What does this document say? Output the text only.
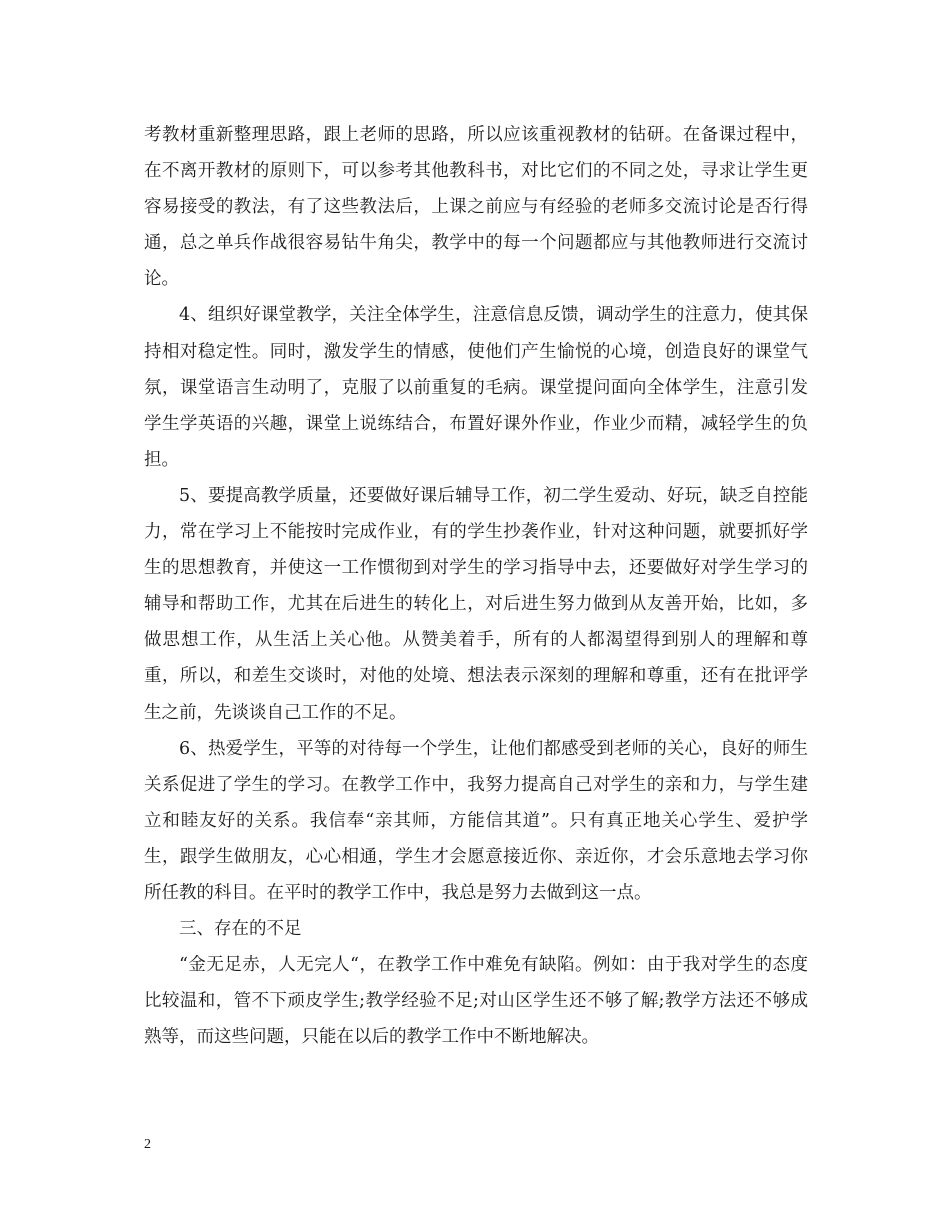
考教材重新整理思路，跟上老师的思路，所以应该重视教材的钻研。在备课过程中，在不离开教材的原则下，可以参考其他教科书，对比它们的不同之处，寻求让学生更容易接受的教法，有了这些教法后，上课之前应与有经验的老师多交流讨论是否行得通，总之单兵作战很容易钻牛角尖，教学中的每一个问题都应与其他教师进行交流讨论。

4、组织好课堂教学，关注全体学生，注意信息反馈，调动学生的注意力，使其保持相对稳定性。同时，激发学生的情感，使他们产生愉悦的心境，创造良好的课堂气氛，课堂语言生动明了，克服了以前重复的毛病。课堂提问面向全体学生，注意引发学生学英语的兴趣，课堂上说练结合，布置好课外作业，作业少而精，减轻学生的负担。

5、要提高教学质量，还要做好课后辅导工作，初二学生爱动、好玩，缺乏自控能力，常在学习上不能按时完成作业，有的学生抄袭作业，针对这种问题，就要抓好学生的思想教育，并使这一工作惯彻到对学生的学习指导中去，还要做好对学生学习的辅导和帮助工作，尤其在后进生的转化上，对后进生努力做到从友善开始，比如，多做思想工作，从生活上关心他。从赞美着手，所有的人都渴望得到别人的理解和尊重，所以，和差生交谈时，对他的处境、想法表示深刻的理解和尊重，还有在批评学生之前，先谈谈自己工作的不足。

6、热爱学生，平等的对待每一个学生，让他们都感受到老师的关心，良好的师生关系促进了学生的学习。在教学工作中，我努力提高自己对学生的亲和力，与学生建立和睦友好的关系。我信奉“亲其师，方能信其道”。只有真正地关心学生、爱护学生，跟学生做朋友，心心相通，学生才会愿意接近你、亲近你，才会乐意地去学习你所任教的科目。在平时的教学工作中，我总是努力去做到这一点。

三、存在的不足

“金无足赤，人无完人“，在教学工作中难免有缺陷。例如：由于我对学生的态度比较温和，管不下顽皮学生;教学经验不足;对山区学生还不够了解;教学方法还不够成熟等，而这些问题，只能在以后的教学工作中不断地解决。

2
